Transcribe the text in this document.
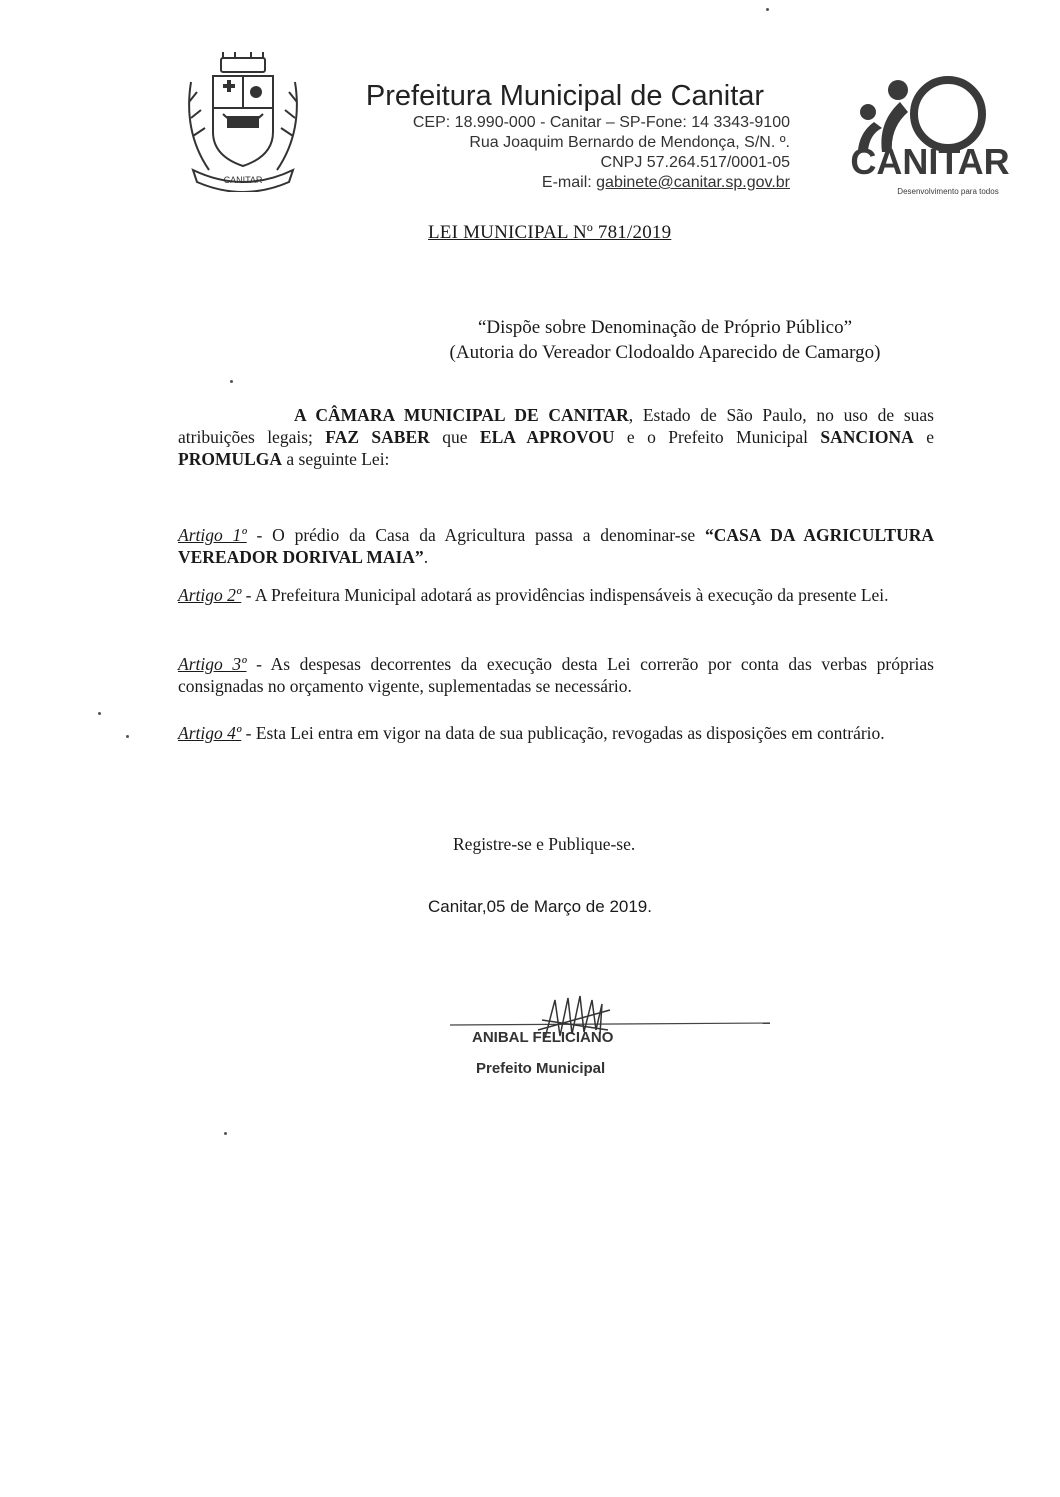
CANITAR
Prefeitura Municipal de Canitar
CEP: 18.990-000 - Canitar – SP-Fone: 14 3343-9100
Rua Joaquim Bernardo de Mendonça, S/N. º.
CNPJ 57.264.517/0001-05
E-mail: gabinete@canitar.sp.gov.br
CANITAR
Desenvolvimento para todos
LEI MUNICIPAL Nº 781/2019
“Dispõe sobre Denominação de Próprio Público”
(Autoria do Vereador Clodoaldo Aparecido de Camargo)
A CÂMARA MUNICIPAL DE CANITAR, Estado de São Paulo, no uso de suas atribuições legais; FAZ SABER que ELA APROVOU e o Prefeito Municipal SANCIONA e PROMULGA a seguinte Lei:
Artigo 1º - O prédio da Casa da Agricultura passa a denominar-se “CASA DA AGRICULTURA VEREADOR DORIVAL MAIA”.
Artigo 2º - A Prefeitura Municipal adotará as providências indispensáveis à execução da presente Lei.
Artigo 3º - As despesas decorrentes da execução desta Lei correrão por conta das verbas próprias consignadas no orçamento vigente, suplementadas se necessário.
Artigo 4º - Esta Lei entra em vigor na data de sua publicação, revogadas as disposições em contrário.
Registre-se e Publique-se.
Canitar,05 de Março de 2019.
ANIBAL FELICIANO
Prefeito Municipal
